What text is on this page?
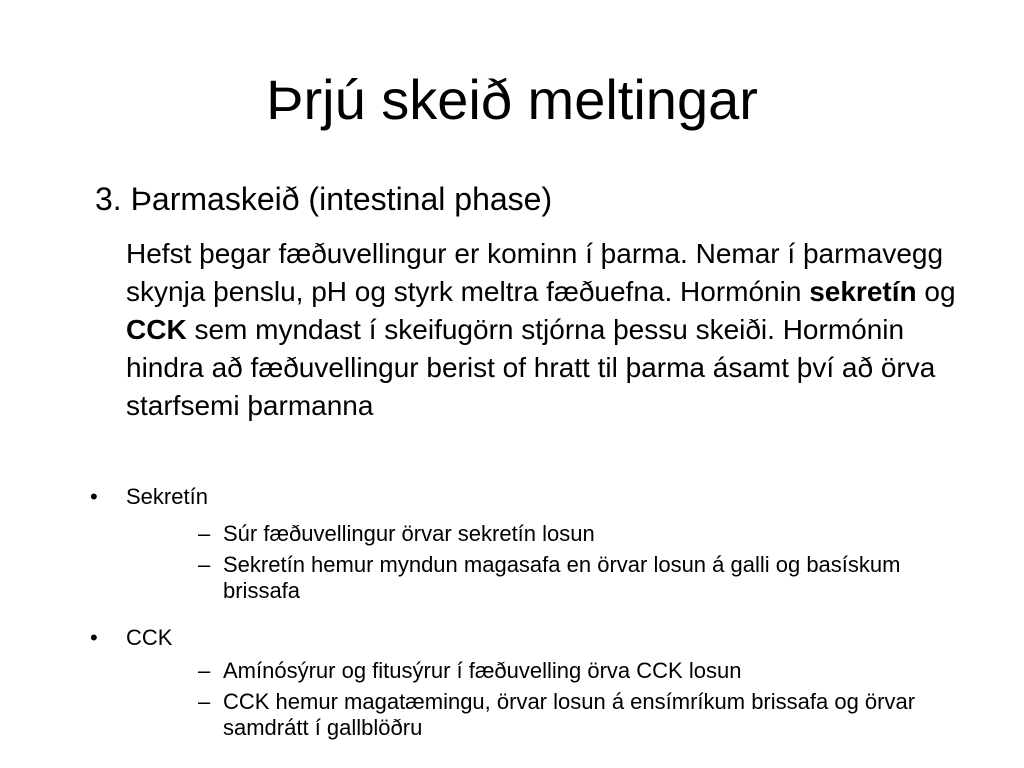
Þrjú skeið meltingar
3. Þarmaskeið (intestinal phase)

Hefst þegar fæðuvellingur er kominn í þarma. Nemar í þarmavegg skynja þenslu, pH og styrk meltra fæðuefna. Hormónin sekretín og CCK sem myndast í skeifugörn stjórna þessu skeiði. Hormónin hindra að fæðuvellingur berist of hratt til þarma ásamt því að örva starfsemi þarmanna

• Sekretín
– Súr fæðuvellingur örvar sekretín losun
– Sekretín hemur myndun magasafa en örvar losun á galli og basískum brissafa
• CCK
– Amínósýrur og fitusýrur í fæðuvelling örva CCK losun
– CCK hemur magatæmingu, örvar losun á ensímríkum brissafa og örvar samdrátt í gallblöðru
